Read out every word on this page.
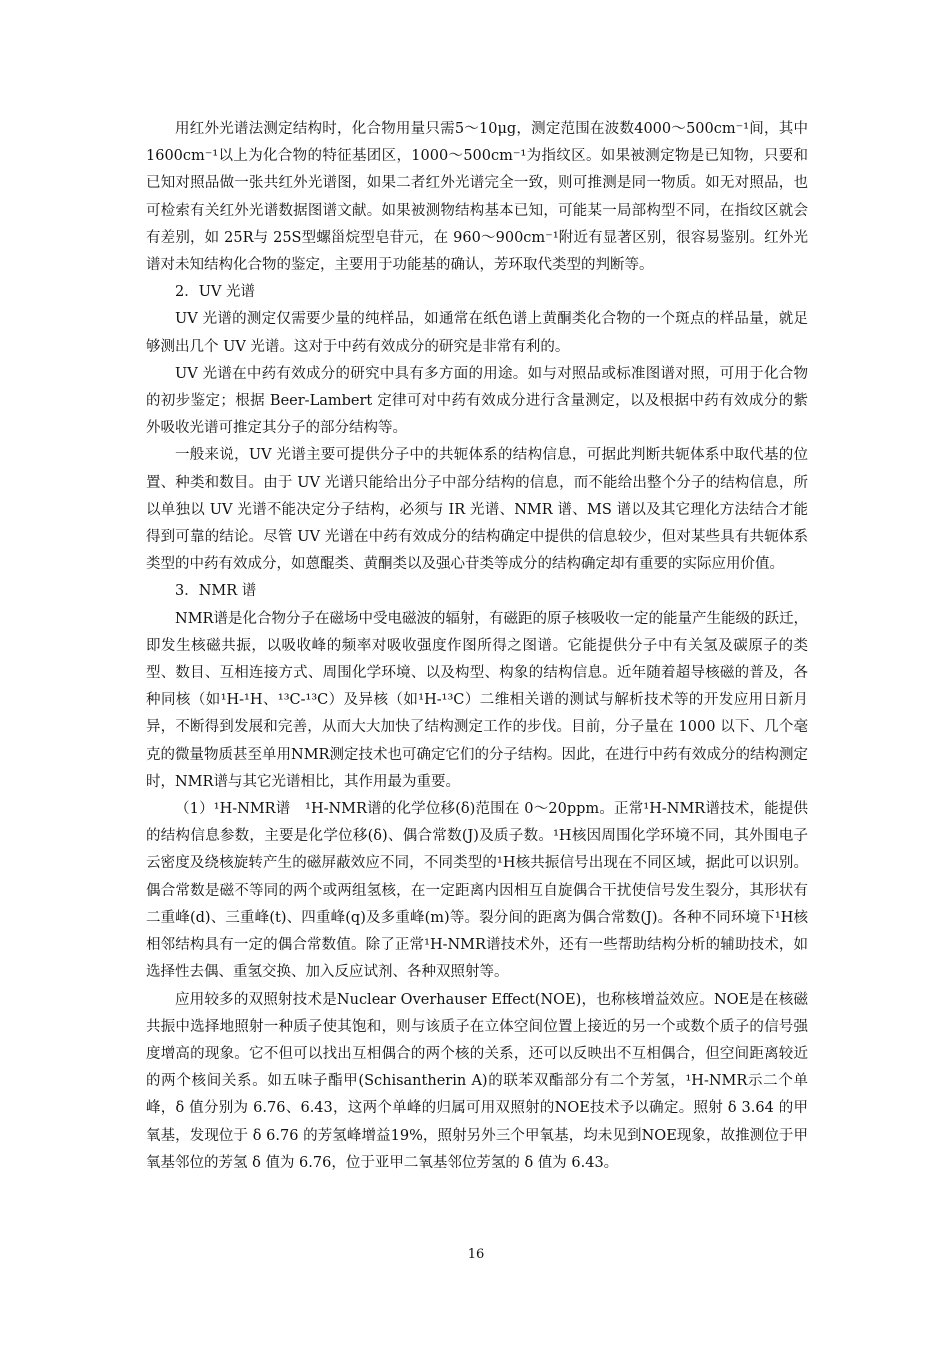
用红外光谱法测定结构时，化合物用量只需5～10μg，测定范围在波数4000～500cm⁻¹间，其中 1600cm⁻¹以上为化合物的特征基团区，1000～500cm⁻¹为指纹区。如果被测定物是已知物，只要和已知对照品做一张共红外光谱图，如果二者红外光谱完全一致，则可推测是同一物质。如无对照品，也可检索有关红外光谱数据图谱文献。如果被测物结构基本已知，可能某一局部构型不同，在指纹区就会有差别，如 25R与 25S型螺甾烷型皂苷元，在 960～900cm⁻¹附近有显著区别，很容易鉴别。红外光谱对未知结构化合物的鉴定，主要用于功能基的确认，芳环取代类型的判断等。

2．UV 光谱

UV 光谱的测定仅需要少量的纯样品，如通常在纸色谱上黄酮类化合物的一个斑点的样品量，就足够测出几个 UV 光谱。这对于中药有效成分的研究是非常有利的。

UV 光谱在中药有效成分的研究中具有多方面的用途。如与对照品或标准图谱对照，可用于化合物的初步鉴定；根据 Beer-Lambert 定律可对中药有效成分进行含量测定，以及根据中药有效成分的紫外吸收光谱可推定其分子的部分结构等。

一般来说，UV 光谱主要可提供分子中的共轭体系的结构信息，可据此判断共轭体系中取代基的位置、种类和数目。由于 UV 光谱只能给出分子中部分结构的信息，而不能给出整个分子的结构信息，所以单独以 UV 光谱不能决定分子结构，必须与 IR 光谱、NMR 谱、MS 谱以及其它理化方法结合才能得到可靠的结论。尽管 UV 光谱在中药有效成分的结构确定中提供的信息较少，但对某些具有共轭体系类型的中药有效成分，如蒽醌类、黄酮类以及强心苷类等成分的结构确定却有重要的实际应用价值。

3．NMR 谱

NMR谱是化合物分子在磁场中受电磁波的辐射，有磁距的原子核吸收一定的能量产生能级的跃迁，即发生核磁共振，以吸收峰的频率对吸收强度作图所得之图谱。它能提供分子中有关氢及碳原子的类型、数目、互相连接方式、周围化学环境、以及构型、构象的结构信息。近年随着超导核磁的普及，各种同核（如¹H-¹H、¹³C-¹³C）及异核（如¹H-¹³C）二维相关谱的测试与解析技术等的开发应用日新月异，不断得到发展和完善，从而大大加快了结构测定工作的步伐。目前，分子量在 1000 以下、几个毫克的微量物质甚至单用NMR测定技术也可确定它们的分子结构。因此，在进行中药有效成分的结构测定时，NMR谱与其它光谱相比，其作用最为重要。

（1）¹H-NMR谱　¹H-NMR谱的化学位移(δ)范围在 0～20ppm。正常¹H-NMR谱技术，能提供的结构信息参数，主要是化学位移(δ)、偶合常数(J)及质子数。¹H核因周围化学环境不同，其外围电子云密度及绕核旋转产生的磁屏蔽效应不同，不同类型的¹H核共振信号出现在不同区域，据此可以识别。偶合常数是磁不等同的两个或两组氢核，在一定距离内因相互自旋偶合干扰使信号发生裂分，其形状有二重峰(d)、三重峰(t)、四重峰(q)及多重峰(m)等。裂分间的距离为偶合常数(J)。各种不同环境下¹H核相邻结构具有一定的偶合常数值。除了正常¹H-NMR谱技术外，还有一些帮助结构分析的辅助技术，如选择性去偶、重氢交换、加入反应试剂、各种双照射等。

应用较多的双照射技术是Nuclear Overhauser Effect(NOE)，也称核增益效应。NOE是在核磁共振中选择地照射一种质子使其饱和，则与该质子在立体空间位置上接近的另一个或数个质子的信号强度增高的现象。它不但可以找出互相偶合的两个核的关系，还可以反映出不互相偶合，但空间距离较近的两个核间关系。如五味子酯甲(Schisantherin A)的联苯双酯部分有二个芳氢，¹H-NMR示二个单峰，δ 值分别为 6.76、6.43，这两个单峰的归属可用双照射的NOE技术予以确定。照射 δ 3.64 的甲氧基，发现位于 δ 6.76 的芳氢峰增益19%，照射另外三个甲氧基，均未见到NOE现象，故推测位于甲氧基邻位的芳氢 δ 值为 6.76，位于亚甲二氧基邻位芳氢的 δ 值为 6.43。

16
